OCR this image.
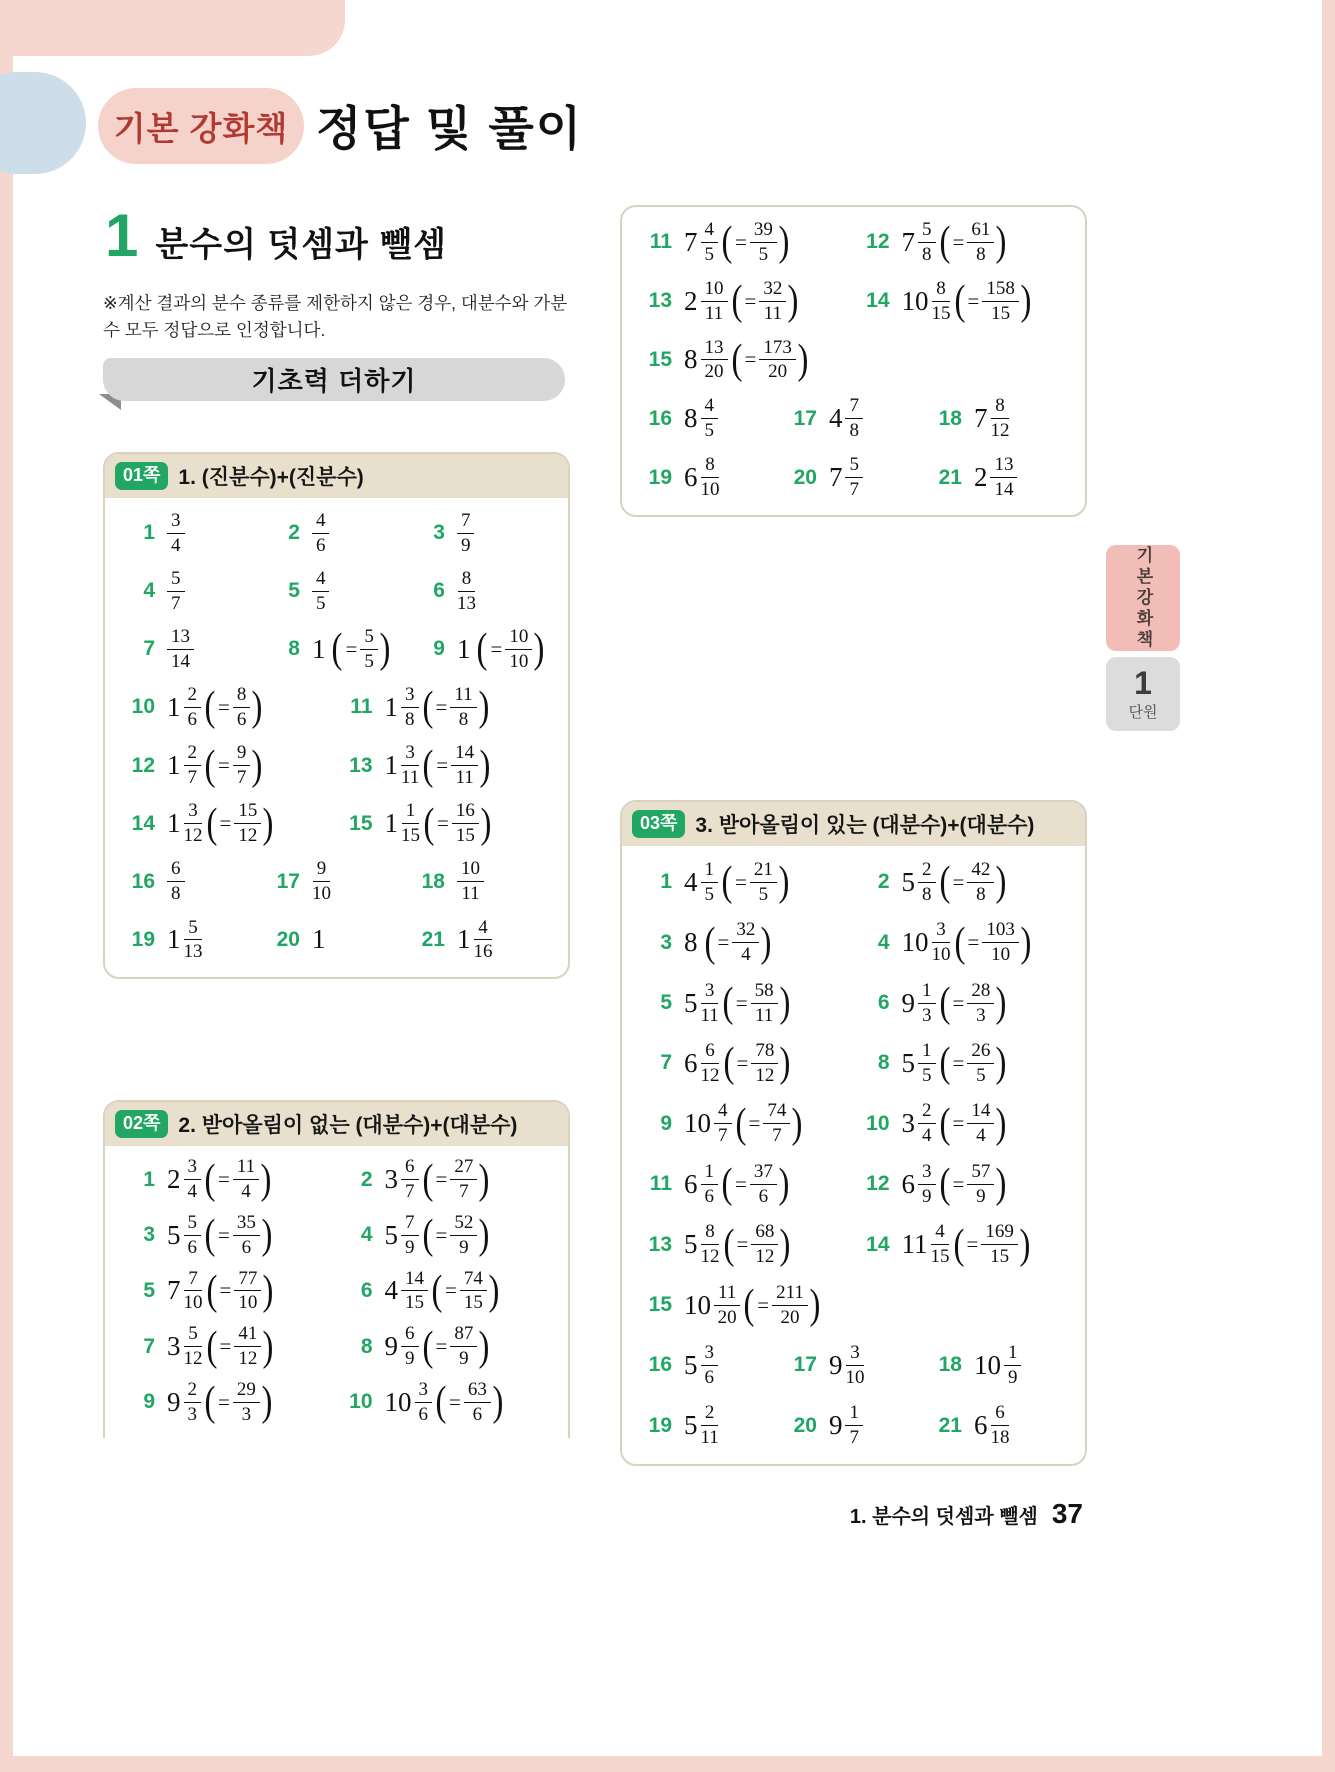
기본 강화책 정답 및 풀이
1 분수의 덧셈과 뺄셈

※계산 결과의 분수 종류를 제한하지 않은 경우, 대분수와 가분수 모두 정답으로 인정합니다.

기초력 더하기
01쪽 1. (진분수)+(진분수)
$1 \frac{3}{4}$	$2 \frac{4}{6}$	$3 \frac{7}{9}$
$4 \frac{5}{7}$	$5 \frac{4}{5}$	$6 \frac{8}{13}$
$7 \frac{13}{14}$	8 1 ( = $\frac{5}{5}$ )	9 1 ( = $\frac{10}{10}$ )
10 $1 \frac{2}{6}$ ( = $\frac{8}{6}$ )	11 $1 \frac{3}{8}$ ( = $\frac{11}{8}$ )
12 $1 \frac{2}{7}$ ( = $\frac{9}{7}$ )	13 $1 \frac{3}{11}$ ( = $\frac{14}{11}$ )
14 $1 \frac{3}{12}$ ( = $\frac{15}{12}$ )	15 $1 \frac{1}{15}$ ( = $\frac{16}{15}$ )
$16 \frac{6}{8}$	$17 \frac{9}{10}$	$18 \frac{10}{11}$
19 $1 \frac{5}{13}$	20 1	21 $1 \frac{4}{16}$
02쪽 2. 받아올림이 없는 (대분수)+(대분수)
1 $2 \frac{3}{4}$ ( = $\frac{11}{4}$ )	2 $3 \frac{6}{7}$ ( = $\frac{27}{7}$ )
3 $5 \frac{5}{6}$ ( = $\frac{35}{6}$ )	4 $5 \frac{7}{9}$ ( = $\frac{52}{9}$ )
5 $7 \frac{7}{10}$ ( = $\frac{77}{10}$ )	6 $4 \frac{14}{15}$ ( = $\frac{74}{15}$ )
7 $3 \frac{5}{12}$ ( = $\frac{41}{12}$ )	8 $9 \frac{6}{9}$ ( = $\frac{87}{9}$ )
9 $9 \frac{2}{3}$ ( = $\frac{29}{3}$ )	10 $10 \frac{3}{6}$ ( = $\frac{63}{6}$ )
11 $7 \frac{4}{5}$ ( = $\frac{39}{5}$ )	12 $7 \frac{5}{8}$ ( = $\frac{61}{8}$ )
13 $2 \frac{10}{11}$ ( = $\frac{32}{11}$ )	14 $10 \frac{8}{15}$ ( = $\frac{158}{15}$ )
15 $8 \frac{13}{20}$ ( = $\frac{173}{20}$ )
16 $8 \frac{4}{5}$	17 $4 \frac{7}{8}$	18 $7 \frac{8}{12}$
19 $6 \frac{8}{10}$	20 $7 \frac{5}{7}$	21 $2 \frac{13}{14}$
03쪽 3. 받아올림이 있는 (대분수)+(대분수)
1 $4 \frac{1}{5}$ ( = $\frac{21}{5}$ )	2 $5 \frac{2}{8}$ ( = $\frac{42}{8}$ )
3 8 ( = $\frac{32}{4}$ )	4 $10 \frac{3}{10}$ ( = $\frac{103}{10}$ )
5 $5 \frac{3}{11}$ ( = $\frac{58}{11}$ )	6 $9 \frac{1}{3}$ ( = $\frac{28}{3}$ )
7 $6 \frac{6}{12}$ ( = $\frac{78}{12}$ )	8 $5 \frac{1}{5}$ ( = $\frac{26}{5}$ )
9 $10 \frac{4}{7}$ ( = $\frac{74}{7}$ )	10 $3 \frac{2}{4}$ ( = $\frac{14}{4}$ )
11 $6 \frac{1}{6}$ ( = $\frac{37}{6}$ )	12 $6 \frac{3}{9}$ ( = $\frac{57}{9}$ )
13 $5 \frac{8}{12}$ ( = $\frac{68}{12}$ )	14 $11 \frac{4}{15}$ ( = $\frac{169}{15}$ )
15 $10 \frac{11}{20}$ ( = $\frac{211}{20}$ )
16 $5 \frac{3}{6}$	17 $9 \frac{3}{10}$	18 $10 \frac{1}{9}$
19 $5 \frac{2}{11}$	20 $9 \frac{1}{7}$	21 $6 \frac{6}{18}$
기본강화책
1
단원
1. 분수의 덧셈과 뺄셈 37
